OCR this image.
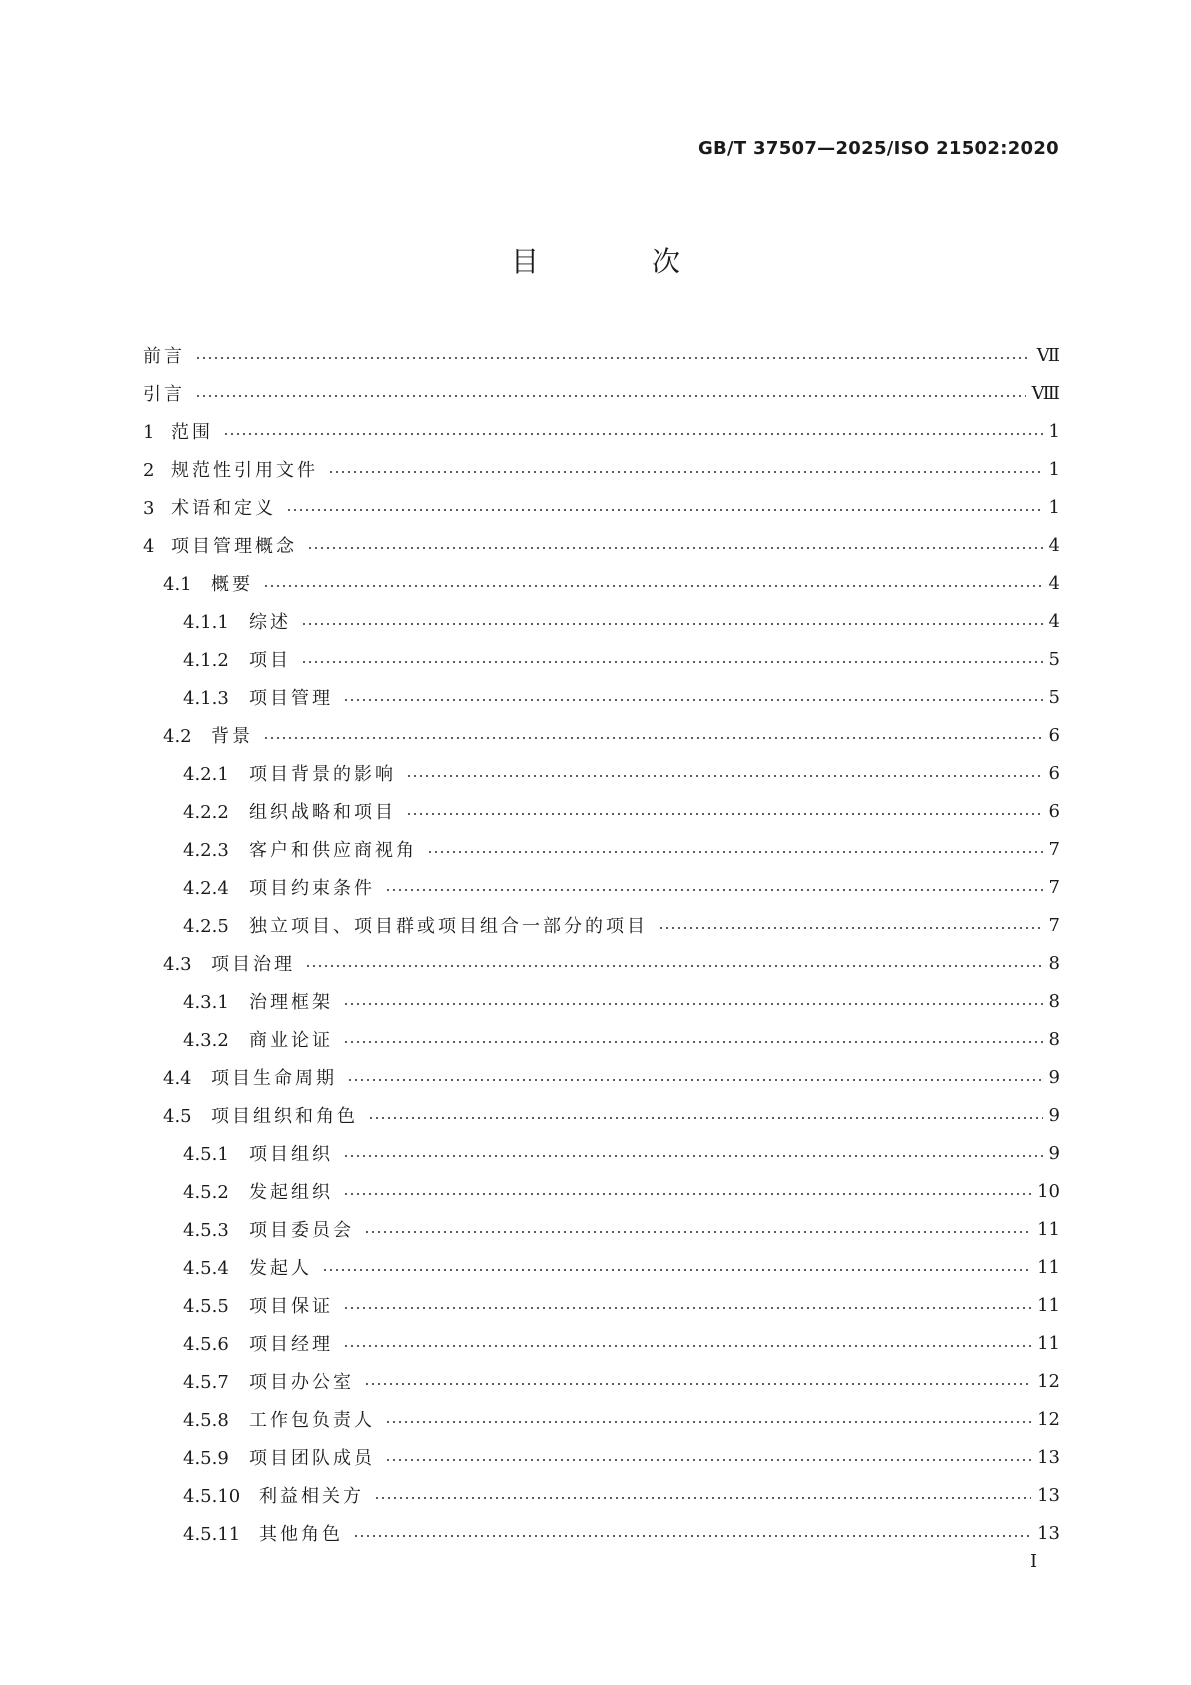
GB/T 37507—2025/ISO 21502:2020
目 次
前言	Ⅶ
引言	Ⅷ
1 范围	1
2 规范性引用文件	1
3 术语和定义	1
4 项目管理概念	4
4.1 概要	4
4.1.1 综述	4
4.1.2 项目	5
4.1.3 项目管理	5
4.2 背景	6
4.2.1 项目背景的影响	6
4.2.2 组织战略和项目	6
4.2.3 客户和供应商视角	7
4.2.4 项目约束条件	7
4.2.5 独立项目、项目群或项目组合一部分的项目	7
4.3 项目治理	8
4.3.1 治理框架	8
4.3.2 商业论证	8
4.4 项目生命周期	9
4.5 项目组织和角色	9
4.5.1 项目组织	9
4.5.2 发起组织	10
4.5.3 项目委员会	11
4.5.4 发起人	11
4.5.5 项目保证	11
4.5.6 项目经理	11
4.5.7 项目办公室	12
4.5.8 工作包负责人	12
4.5.9 项目团队成员	13
4.5.10 利益相关方	13
4.5.11 其他角色	13
I
